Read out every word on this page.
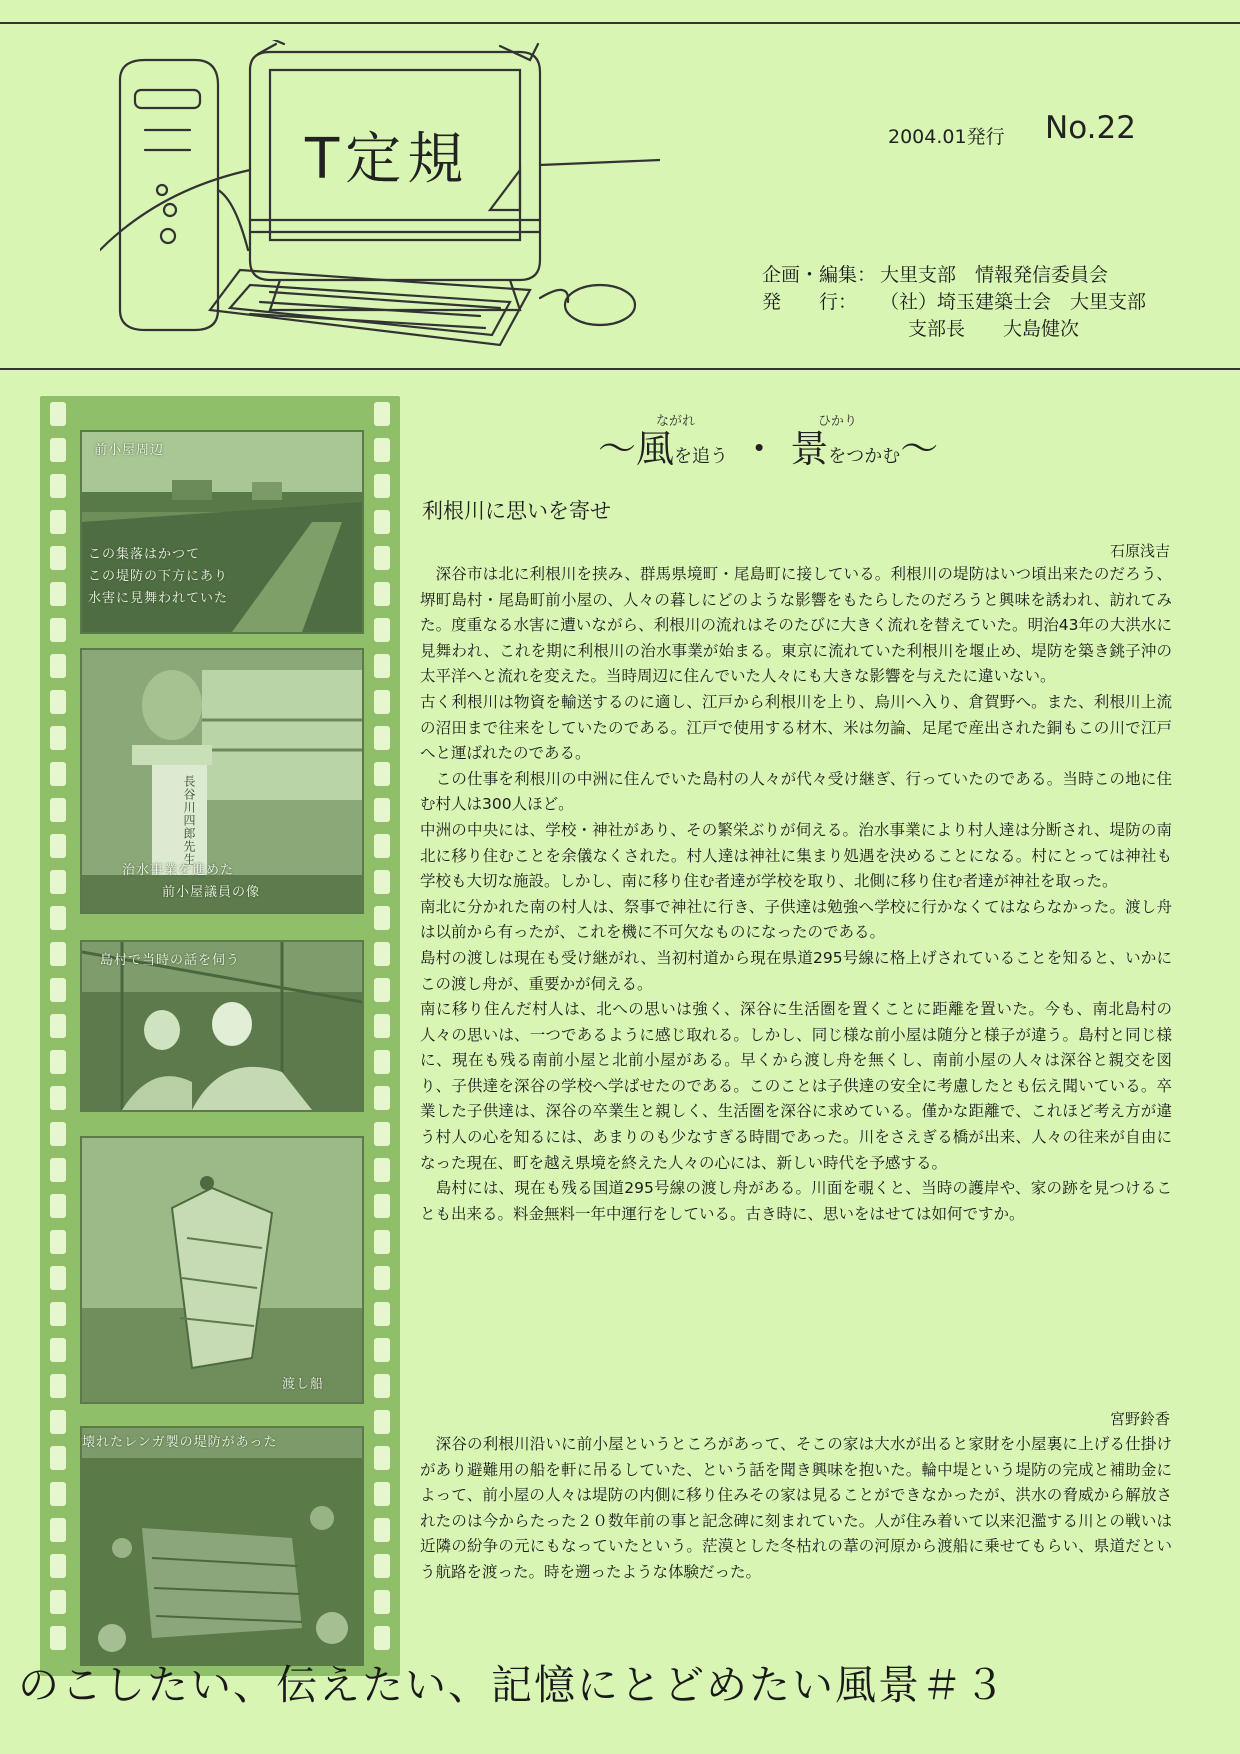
T定規	2004.01発行 No.22
企画・編集： 大里支部　情報発信委員会
発　　行：	（社）埼玉建築士会　大里支部
支部長　　大島健次
前小屋周辺
この集落はかつて
この堤防の下方にあり
水害に見舞われていた
長谷川四郎先生
治水事業を進めた
前小屋議員の像
島村で当時の話を伺う
渡し船
壊れたレンガ製の堤防があった
ながれ	ひかり
～風を追う ・ 景をつかむ～
利根川に思いを寄せ
石原浅吉

　深谷市は北に利根川を挟み、群馬県境町・尾島町に接している。利根川の堤防はいつ頃出来たのだろう、堺町島村・尾島町前小屋の、人々の暮しにどのような影響をもたらしたのだろうと興味を誘われ、訪れてみた。度重なる水害に遭いながら、利根川の流れはそのたびに大きく流れを替えていた。明治43年の大洪水に見舞われ、これを期に利根川の治水事業が始まる。東京に流れていた利根川を堰止め、堤防を築き銚子沖の太平洋へと流れを変えた。当時周辺に住んでいた人々にも大きな影響を与えたに違いない。

古く利根川は物資を輸送するのに適し、江戸から利根川を上り、烏川へ入り、倉賀野へ。また、利根川上流の沼田まで往来をしていたのである。江戸で使用する材木、米は勿論、足尾で産出された銅もこの川で江戸へと運ばれたのである。

　この仕事を利根川の中洲に住んでいた島村の人々が代々受け継ぎ、行っていたのである。当時この地に住む村人は300人ほど。

中洲の中央には、学校・神社があり、その繁栄ぶりが伺える。治水事業により村人達は分断され、堤防の南北に移り住むことを余儀なくされた。村人達は神社に集まり処遇を決めることになる。村にとっては神社も学校も大切な施設。しかし、南に移り住む者達が学校を取り、北側に移り住む者達が神社を取った。

南北に分かれた南の村人は、祭事で神社に行き、子供達は勉強へ学校に行かなくてはならなかった。渡し舟は以前から有ったが、これを機に不可欠なものになったのである。

島村の渡しは現在も受け継がれ、当初村道から現在県道295号線に格上げされていることを知ると、いかにこの渡し舟が、重要かが伺える。

南に移り住んだ村人は、北への思いは強く、深谷に生活圏を置くことに距離を置いた。今も、南北島村の人々の思いは、一つであるように感じ取れる。しかし、同じ様な前小屋は随分と様子が違う。島村と同じ様に、現在も残る南前小屋と北前小屋がある。早くから渡し舟を無くし、南前小屋の人々は深谷と親交を図り、子供達を深谷の学校へ学ばせたのである。このことは子供達の安全に考慮したとも伝え聞いている。卒業した子供達は、深谷の卒業生と親しく、生活圏を深谷に求めている。僅かな距離で、これほど考え方が違う村人の心を知るには、あまりのも少なすぎる時間であった。川をさえぎる橋が出来、人々の往来が自由になった現在、町を越え県境を終えた人々の心には、新しい時代を予感する。

　島村には、現在も残る国道295号線の渡し舟がある。川面を覗くと、当時の護岸や、家の跡を見つけることも出来る。料金無料一年中運行をしている。古き時に、思いをはせては如何ですか。

宮野鈴香

　深谷の利根川沿いに前小屋というところがあって、そこの家は大水が出ると家財を小屋裏に上げる仕掛けがあり避難用の船を軒に吊るしていた、という話を聞き興味を抱いた。輪中堤という堤防の完成と補助金によって、前小屋の人々は堤防の内側に移り住みその家は見ることができなかったが、洪水の脅威から解放されたのは今からたった２０数年前の事と記念碑に刻まれていた。人が住み着いて以来氾濫する川との戦いは近隣の紛争の元にもなっていたという。茫漠とした冬枯れの葦の河原から渡船に乗せてもらい、県道だという航路を渡った。時を遡ったような体験だった。

のこしたい、伝えたい、記憶にとどめたい風景＃３
